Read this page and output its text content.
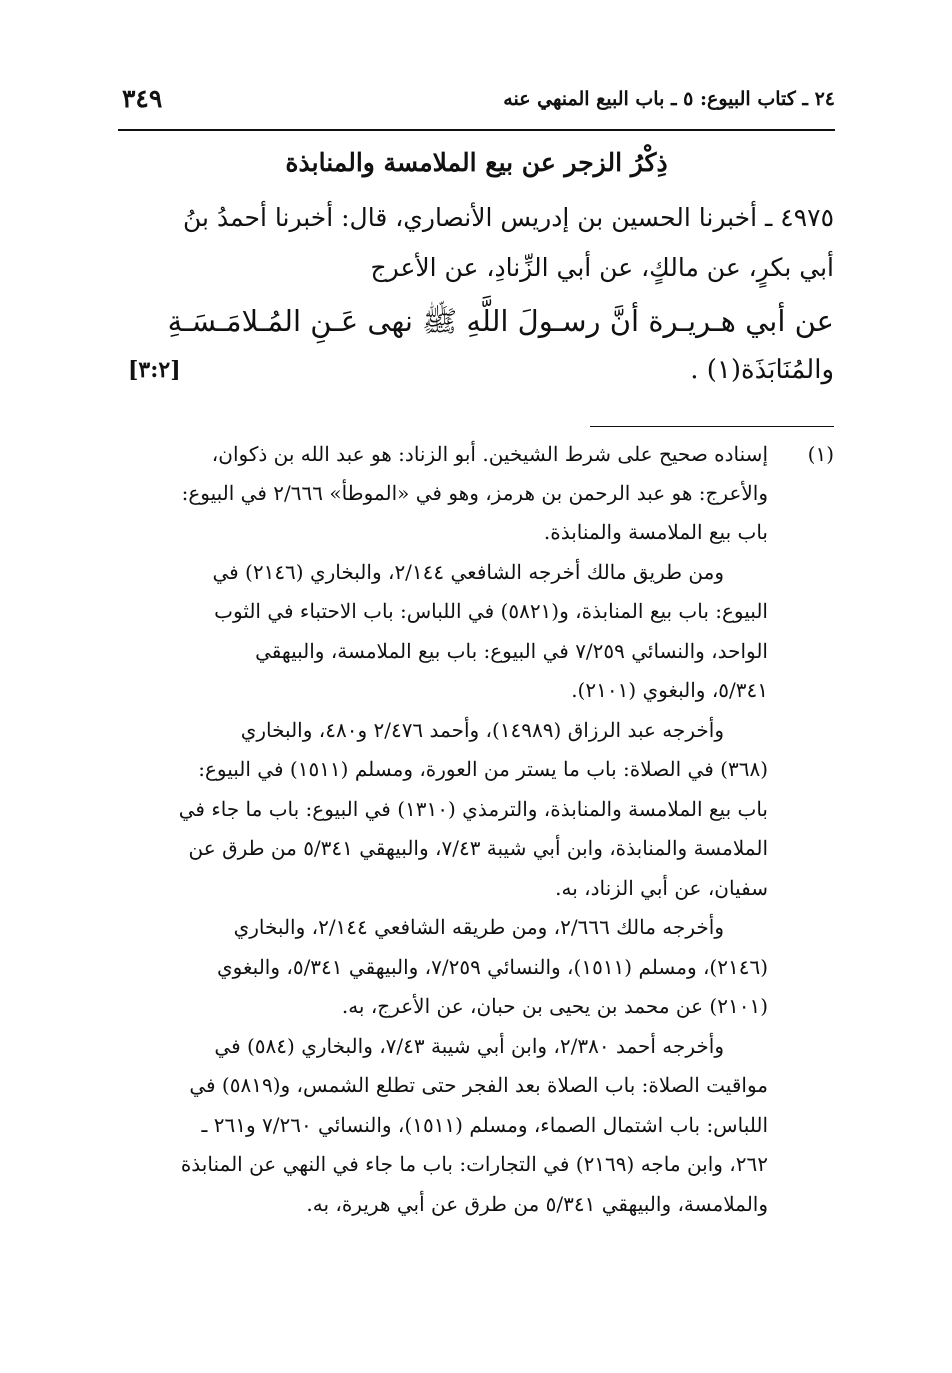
٣٤٩	٢٤ ـ كتاب البيوع: ٥ ـ باب البيع المنهي عنه
ذِكْرُ الزجر عن بيع الملامسة والمنابذة
٤٩٧٥ ـ أخبرنا الحسين بن إدريس الأنصاري، قال: أخبرنا أحمدُ بنُ
أبي بكرٍ، عن مالكٍ، عن أبي الزِّنادِ، عن الأعرج
عن أبي هـريـرة أنَّ رسـولَ اللَّهِ ﷺ نهى عَـنِ المُـلامَـسَـةِ
والمُنَابَذَة(١) .
[٣:٢]
(١)
إسناده صحيح على شرط الشيخين. أبو الزناد: هو عبد الله بن ذكوان،
والأعرج: هو عبد الرحمن بن هرمز، وهو في «الموطأ» ٢/٦٦٦ في البيوع:
باب بيع الملامسة والمنابذة.
ومن طريق مالك أخرجه الشافعي ٢/١٤٤، والبخاري (٢١٤٦) في
البيوع: باب بيع المنابذة، و(٥٨٢١) في اللباس: باب الاحتباء في الثوب
الواحد، والنسائي ٧/٢٥٩ في البيوع: باب بيع الملامسة، والبيهقي
٥/٣٤١، والبغوي (٢١٠١).
وأخرجه عبد الرزاق (١٤٩٨٩)، وأحمد ٢/٤٧٦ و٤٨٠، والبخاري
(٣٦٨) في الصلاة: باب ما يستر من العورة، ومسلم (١٥١١) في البيوع:
باب بيع الملامسة والمنابذة، والترمذي (١٣١٠) في البيوع: باب ما جاء في
الملامسة والمنابذة، وابن أبي شيبة ٧/٤٣، والبيهقي ٥/٣٤١ من طرق عن
سفيان، عن أبي الزناد، به.
وأخرجه مالك ٢/٦٦٦، ومن طريقه الشافعي ٢/١٤٤، والبخاري
(٢١٤٦)، ومسلم (١٥١١)، والنسائي ٧/٢٥٩، والبيهقي ٥/٣٤١، والبغوي
(٢١٠١) عن محمد بن يحيى بن حبان، عن الأعرج، به.
وأخرجه أحمد ٢/٣٨٠، وابن أبي شيبة ٧/٤٣، والبخاري (٥٨٤) في
مواقيت الصلاة: باب الصلاة بعد الفجر حتى تطلع الشمس، و(٥٨١٩) في
اللباس: باب اشتمال الصماء، ومسلم (١٥١١)، والنسائي ٧/٢٦٠ و٢٦١ ـ
٢٦٢، وابن ماجه (٢١٦٩) في التجارات: باب ما جاء في النهي عن المنابذة
والملامسة، والبيهقي ٥/٣٤١ من طرق عن أبي هريرة، به.
